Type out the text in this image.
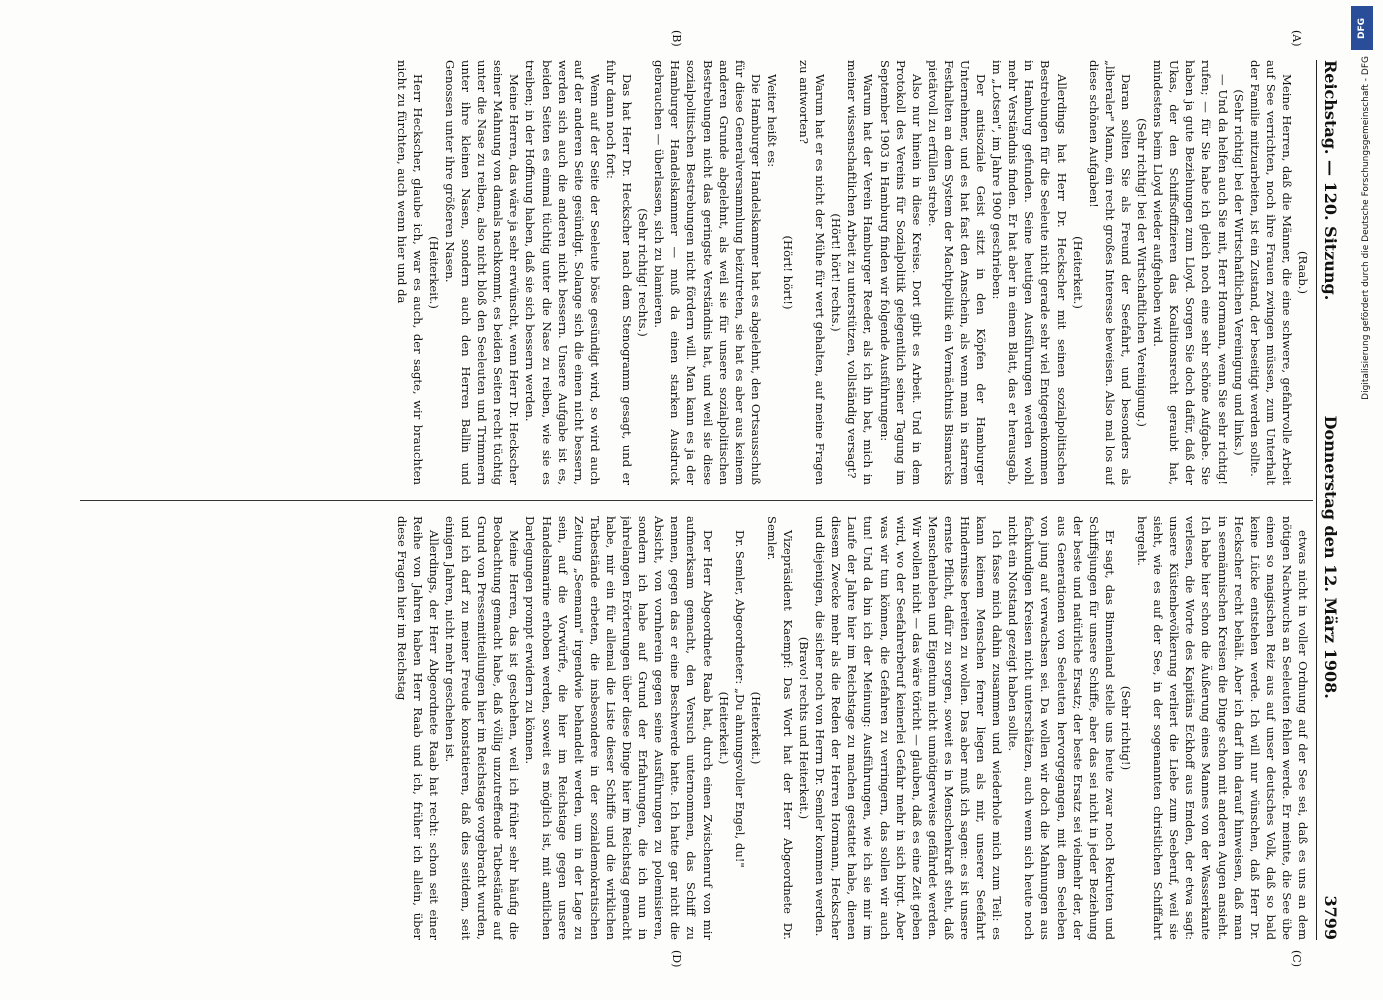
Reichstag. — 120. Sitzung.
Donnerstag den 12. März 1908.
3799
(A)
(B)
(C)
(D)

(Raab.)

Meine Herren, daß die Männer, die eine schwere, gefahrvolle Arbeit auf See verrichten, noch ihre Frauen zwingen müssen, zum Unterhalt der Familie mitzuarbeiten, ist ein Zustand, der beseitigt werden sollte.

(Sehr richtig! bei der Wirtschaftlichen Vereinigung und links.)

— Und da helfen auch Sie mit, Herr Hormann, wenn Sie sehr richtig! rufen; — für Sie habe ich gleich noch eine sehr schöne Aufgabe. Sie haben ja gute Beziehungen zum Lloyd. Sorgen Sie doch dafür, daß der Ukas, der den Schiffsoffizieren das Koalitionsrecht geraubt hat, mindestens beim Lloyd wieder aufgehoben wird.

(Sehr richtig! bei der Wirtschaftlichen Vereinigung.)

Daran sollten Sie als Freund der Seefahrt, und besonders als „liberaler" Mann, ein recht großes Interesse beweisen. Also mal los auf diese schönen Aufgaben!

(Heiterkeit.)

Allerdings hat Herr Dr. Heckscher mit seinen sozialpolitischen Bestrebungen für die Seeleute nicht gerade sehr viel Entgegenkommen in Hamburg gefunden. Seine heutigen Ausführungen werden wohl mehr Verständnis finden. Er hat aber in einem Blatt, das er herausgab, im „Lotsen", im Jahre 1900 geschrieben:

Der antisoziale Geist sitzt in den Köpfen der Hamburger Unternehmer, und es hat fast den Anschein, als wenn man in starrem Festhalten an dem System der Machtpolitik ein Vermächtnis Bismarcks pietätvoll zu erfüllen strebe.

Also nur hinein in diese Kreise. Dort gibt es Arbeit. Und in dem Protokoll des Vereins für Sozialpolitik gelegentlich seiner Tagung im September 1903 in Hamburg finden wir folgende Ausführungen:

Warum hat der Verein Hamburger Reeder, als ich ihn bat, mich in meiner wissenschaftlichen Arbeit zu unterstützen, vollständig versagt?

(Hört! hört! rechts.)

Warum hat er es nicht der Mühe für wert gehalten, auf meine Fragen zu antworten?

(Hört! hört!)

Weiter heißt es:

Die Hamburger Handelskammer hat es abgelehnt, den Ortsausschuß für diese Generalversammlung beizutreten, sie hat es aber aus keinem anderen Grunde abgelehnt, als weil sie für unsere sozialpolitischen Bestrebungen nicht das geringste Verständnis hat, und weil sie diese sozialpolitischen Bestrebungen nicht fördern will. Man kann es ja der Hamburger Handelskammer — muß da einen starken Ausdruck gebrauchen — überlassen, sich zu blamieren.

(Sehr richtig! rechts.)

Das hat Herr Dr. Heckscher nach dem Stenogramm gesagt, und er fuhr dann noch fort:

Wenn auf der Seite der Seeleute böse gesündigt wird, so wird auch auf der anderen Seite gesündigt. Solange sich die einen nicht bessern, werden sich auch die anderen nicht bessern. Unsere Aufgabe ist es, beiden Seiten es einmal tüchtig unter die Nase zu reiben, wie sie es treiben; in der Hoffnung haben, daß sie sich bessern werden.

Meine Herren, das wäre ja sehr erwünscht, wenn Herr Dr. Heckscher seiner Mahnung von damals nachkommt, es beiden Seiten recht tüchtig unter die Nase zu reiben, also nicht bloß den Seeleuten und Trimmern unter ihre kleinen Nasen, sondern auch den Herren Ballin und Genossen unter ihre größeren Nasen.

(Heiterkeit.)

Herr Heckscher, glaube ich, war es auch, der sagte, wir brauchten nicht zu fürchten, auch wenn hier und da

etwas nicht in voller Ordnung auf der See sei, daß es uns an dem nötigen Nachwuchs an Seeleuten fehlen werde. Er meinte, die See übe einen so magischen Reiz aus auf unser deutsches Volk, daß so bald keine Lücke entstehen werde. Ich will nur wünschen, daß Herr Dr. Heckscher recht behält. Aber ich darf ihn darauf hinweisen, daß man in seemännischen Kreisen die Dinge schon mit anderen Augen ansieht. Ich habe hier schon die Äußerung eines Mannes von der Wasserkante verlesen, die Worte des Kapitäns Eckhoff aus Emden, der etwa sagt: unsere Küstenbevölkerung verliert die Liebe zum Seeberuf, weil sie sieht, wie es auf der See, in der sogenannten christlichen Schiffahrt hergeht.

(Sehr richtig!)

Er sagt, das Binnenland stelle uns heute zwar noch Rekruten und Schiffsjungen für unsere Schiffe, aber das sei nicht in jeder Beziehung der beste und natürliche Ersatz; der beste Ersatz sei vielmehr der, der aus Generationen von Seeleuten hervorgegangen, mit dem Seeleben von jung auf verwachsen sei. Da wollen wir doch die Mahnungen aus fachkundigen Kreisen nicht unterschätzen, auch wenn sich heute noch nicht ein Notstand gezeigt haben sollte.

Ich fasse mich dahin zusammen und wiederhole mich zum Teil: es kann keinem Menschen ferner liegen als mir, unserer Seefahrt Hindernisse bereiten zu wollen. Das aber muß ich sagen: es ist unsere ernste Pflicht, dafür zu sorgen, soweit es in Menschenkraft steht, daß Menschenleben und Eigentum nicht unnötigerweise gefährdet werden. Wir wollen nicht — das wäre töricht — glauben, daß es eine Zeit geben wird, wo der Seefahrerberuf keinerlei Gefahr mehr in sich birgt. Aber was wir tun können, die Gefahren zu verringern, das sollen wir auch tun! Und da bin ich der Meinung: Ausführungen, wie ich sie mir im Laufe der Jahre hier im Reichstage zu machen gestattet habe, dienen diesem Zwecke mehr als die Reden der Herren Hormann, Heckscher und diejenigen, die sicher noch von Herrn Dr. Semler kommen werden.

(Bravo! rechts und Heiterkeit.)

Vizepräsident Kaempf: Das Wort hat der Herr Abgeordnete Dr. Semler.

(Heiterkeit.)

Dr. Semler, Abgeordneter: „Du ahnungsvoller Engel, du!"

(Heiterkeit.)

Der Herr Abgeordnete Raab hat, durch einen Zwischenruf von mir aufmerksam gemacht, den Versuch unternommen, das Schiff zu nennen, gegen das er eine Beschwerde hatte. Ich hatte gar nicht die Absicht, von vornherein gegen seine Ausführungen zu polemisieren, sondern ich habe auf Grund der Erfahrungen, die ich nun in jahrelangen Erörterungen über diese Dinge hier im Reichstag gemacht habe, mir ein für allemal die Liste dieser Schiffe und die wirklichen Tatbestände erbeten, die insbesondere in der sozialdemokratischen Zeitung „Seemann" irgendwie behandelt werden, um in der Lage zu sein, auf die Vorwürfe, die hier im Reichstage gegen unsere Handelsmarine erhoben werden, soweit es möglich ist, mit amtlichen Darlegungen prompt erwidern zu können.

Meine Herren, das ist geschehen, weil ich früher sehr häufig die Beobachtung gemacht habe, daß völlig unzutreffende Tatbestände auf Grund von Pressemitteilungen hier im Reichstage vorgebracht wurden, und ich darf zu meiner Freude konstatieren, daß dies seitdem, seit einigen Jahren, nicht mehr geschehen ist.

Allerdings, der Herr Abgeordnete Raab hat recht: schon seit einer Reihe von Jahren haben Herr Raab und ich, früher ich allein, über diese Fragen hier im Reichstag

DFG
Digitalisierung gefördert durch die Deutsche Forschungsgemeinschaft - DFG
